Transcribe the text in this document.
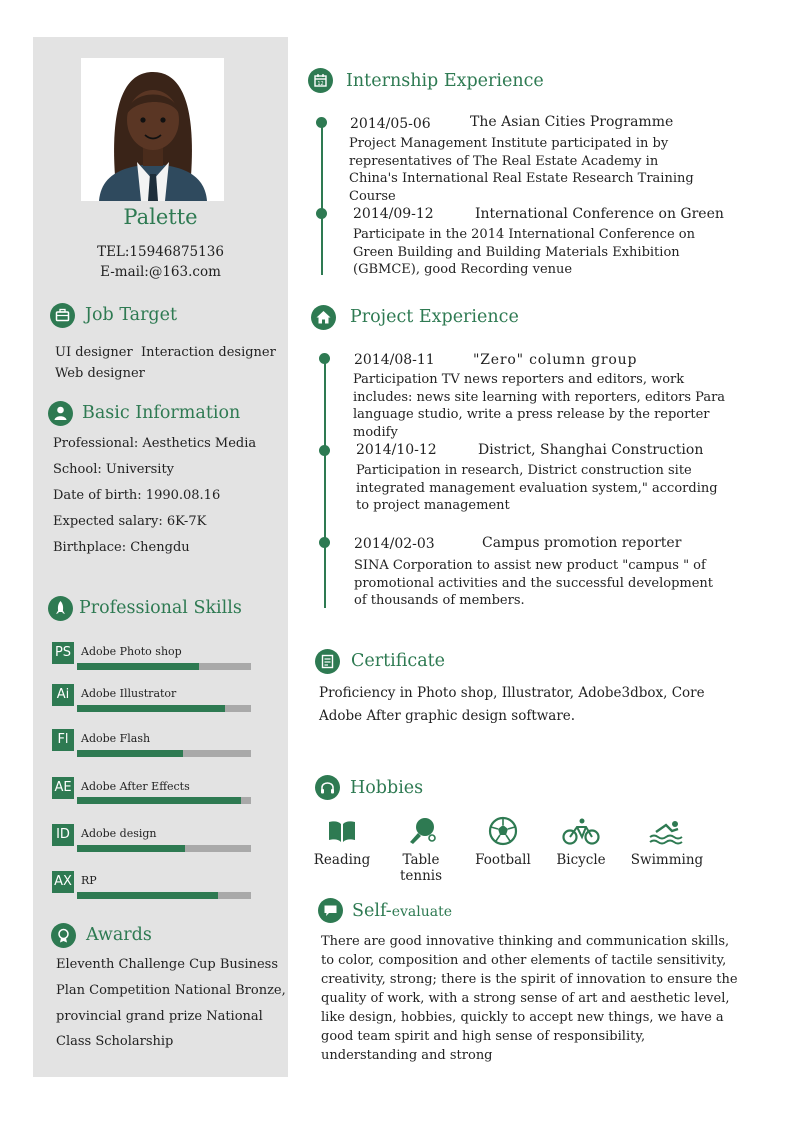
Palette
TEL:15946875136
E-mail:@163.com
Job Target
UI designer Interaction designer
Web designer
Basic Information
Professional: Aesthetics Media
School: University
Date of birth: 1990.08.16
Expected salary: 6K-7K
Birthplace: Chengdu
Professional Skills
PS Adobe Photo shop
Ai	Adobe Illustrator
Fl	Adobe Flash
AE Adobe After Effects
ID	Adobe design
AX RP
Awards
Eleventh Challenge Cup Business
Plan Competition National Bronze,
provincial grand prize National
Class Scholarship
12 Internship Experience
2014/05-06	The Asian Cities Programme
Project Management Institute participated in by representatives of The Real Estate Academy in China's International Real Estate Research Training Course
2014/09-12	International Conference on Green
Participate in the 2014 International Conference on Green Building and Building Materials Exhibition (GBMCE), good Recording venue
Project Experience
2014/08-11	"Zero" column group
Participation TV news reporters and editors, work includes: news site learning with reporters, editors Para language studio, write a press release by the reporter modify
2014/10-12	District, Shanghai Construction
Participation in research, District construction site integrated management evaluation system," according to project management
2014/02-03	Campus promotion reporter
SINA Corporation to assist new product "campus " of promotional activities and the successful development of thousands of members.
Certificate
Proficiency in Photo shop, Illustrator, Adobe3dbox, Core
Adobe After graphic design software.
Hobbies
Reading	Table tennis
Football	Bicycle Swimming
Self-evaluate
There are good innovative thinking and communication skills, to color, composition and other elements of tactile sensitivity, creativity, strong; there is the spirit of innovation to ensure the quality of work, with a strong sense of art and aesthetic level, like design, hobbies, quickly to accept new things, we have a good team spirit and high sense of responsibility, understanding and strong
